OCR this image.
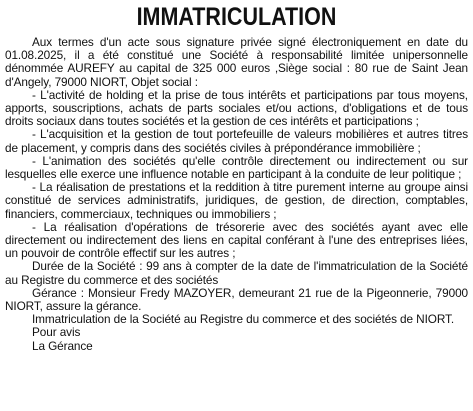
IMMATRICULATION

Aux termes d'un acte sous signature privée signé électroniquement en date du 01.08.2025, il a été constitué une Société à responsabilité limitée unipersonnelle dénommée AUREFY au capital de 325 000 euros ,Siège social : 80 rue de Saint Jean d'Angely, 79000 NIORT, Objet social :

- L'activité de holding et la prise de tous intérêts et participations par tous moyens, apports, souscriptions, achats de parts sociales et/ou actions, d'obligations et de tous droits sociaux dans toutes sociétés et la gestion de ces intérêts et participations ;

- L'acquisition et la gestion de tout portefeuille de valeurs mobilières et autres titres de placement, y compris dans des sociétés civiles à prépondérance immobilière ;

- L'animation des sociétés qu'elle contrôle directement ou indirectement ou sur lesquelles elle exerce une influence notable en participant à la conduite de leur politique ;

- La réalisation de prestations et la reddition à titre purement interne au groupe ainsi constitué de services administratifs, juridiques, de gestion, de direction, comptables, financiers, commerciaux, techniques ou immobiliers ;

- La réalisation d'opérations de trésorerie avec des sociétés ayant avec elle directement ou indirectement des liens en capital conférant à l'une des entreprises liées, un pouvoir de contrôle effectif sur les autres ;

Durée de la Société : 99 ans à compter de la date de l'immatriculation de la Société au Registre du commerce et des sociétés

Gérance : Monsieur Fredy MAZOYER, demeurant 21 rue de la Pigeonnerie, 79000 NIORT, assure la gérance.

Immatriculation de la Société au Registre du commerce et des sociétés de NIORT.

Pour avis

La Gérance
